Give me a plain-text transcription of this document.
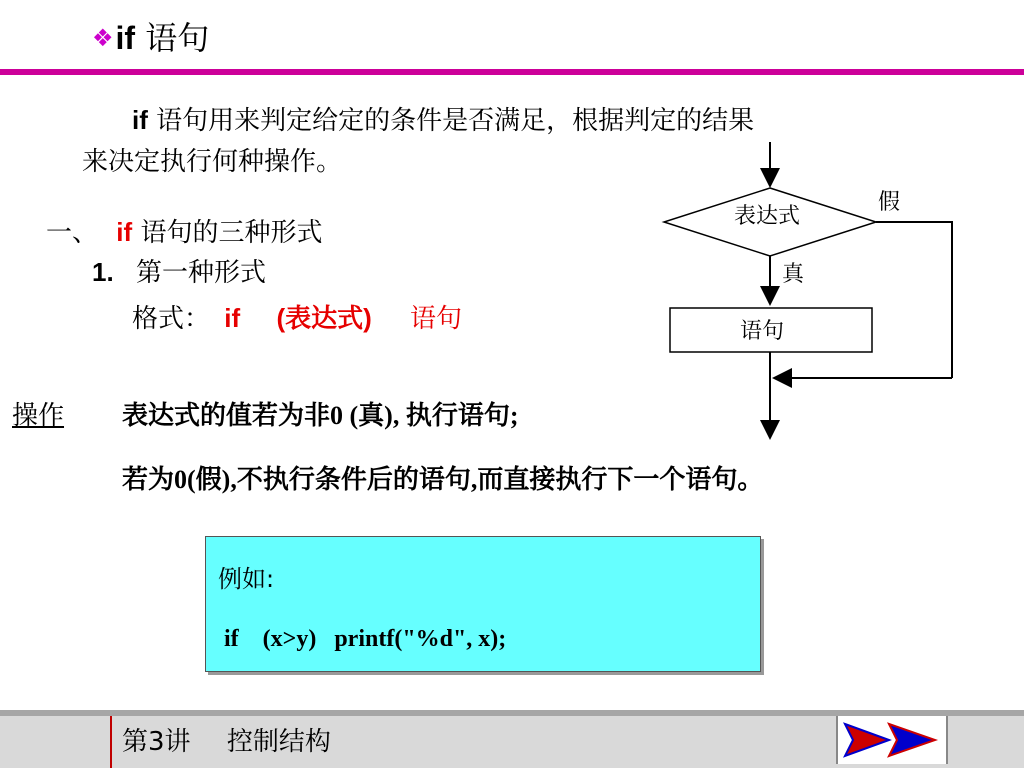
❖if 语句
if 语句用来判定给定的条件是否满足，根据判定的结果
来决定执行何种操作。
一、 if 语句的三种形式
1. 第一种形式
格式： if (表达式) 语句
操作 表达式的值若为非0 (真), 执行语句;
若为0(假),不执行条件后的语句,而直接执行下一个语句。
表达式
假
真
语句
例如:
if    (x>y)   printf("%d", x);
第3讲 控制结构
